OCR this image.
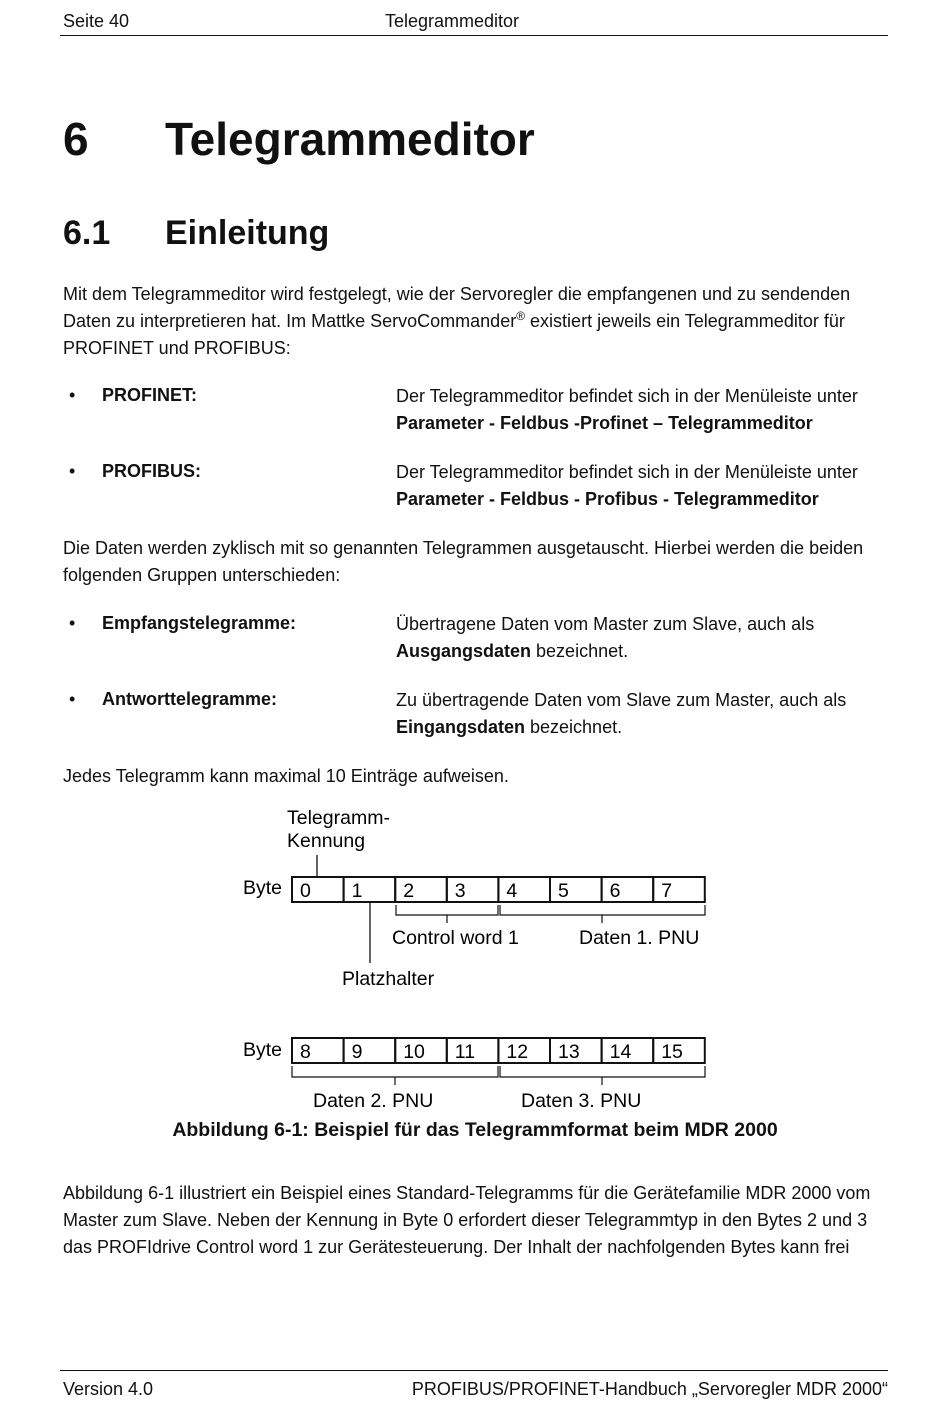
Seite 40	Telegrammeditor
6 Telegrammeditor
6.1 Einleitung
Mit dem Telegrammeditor wird festgelegt, wie der Servoregler die empfangenen und zu sendenden
Daten zu interpretieren hat. Im Mattke ServoCommander® existiert jeweils ein Telegrammeditor für
PROFINET und PROFIBUS:
• PROFINET:	Der Telegrammeditor befindet sich in der Menüleiste unter
Parameter - Feldbus -Profinet – Telegrammeditor
• PROFIBUS:	Der Telegrammeditor befindet sich in der Menüleiste unter
Parameter - Feldbus - Profibus - Telegrammeditor
Die Daten werden zyklisch mit so genannten Telegrammen ausgetauscht. Hierbei werden die beiden
folgenden Gruppen unterschieden:
• Empfangstelegramme:	Übertragene Daten vom Master zum Slave, auch als
Ausgangsdaten bezeichnet.
• Antworttelegramme:	Zu übertragende Daten vom Slave zum Master, auch als
Eingangsdaten bezeichnet.
Jedes Telegramm kann maximal 10 Einträge aufweisen.
Telegramm-
Kennung
Byte 0 1 2 3 4 5 6 7
Control word 1	Daten 1. PNU
Platzhalter
Byte 8 9 10 11 12 13 14 15
Daten 2. PNU	Daten 3. PNU
Abbildung 6-1: Beispiel für das Telegrammformat beim MDR 2000
Abbildung 6-1 illustriert ein Beispiel eines Standard-Telegramms für die Gerätefamilie MDR 2000 vom
Master zum Slave. Neben der Kennung in Byte 0 erfordert dieser Telegrammtyp in den Bytes 2 und 3
das PROFIdrive Control word 1 zur Gerätesteuerung. Der Inhalt der nachfolgenden Bytes kann frei
Version 4.0	PROFIBUS/PROFINET-Handbuch „Servoregler MDR 2000“
